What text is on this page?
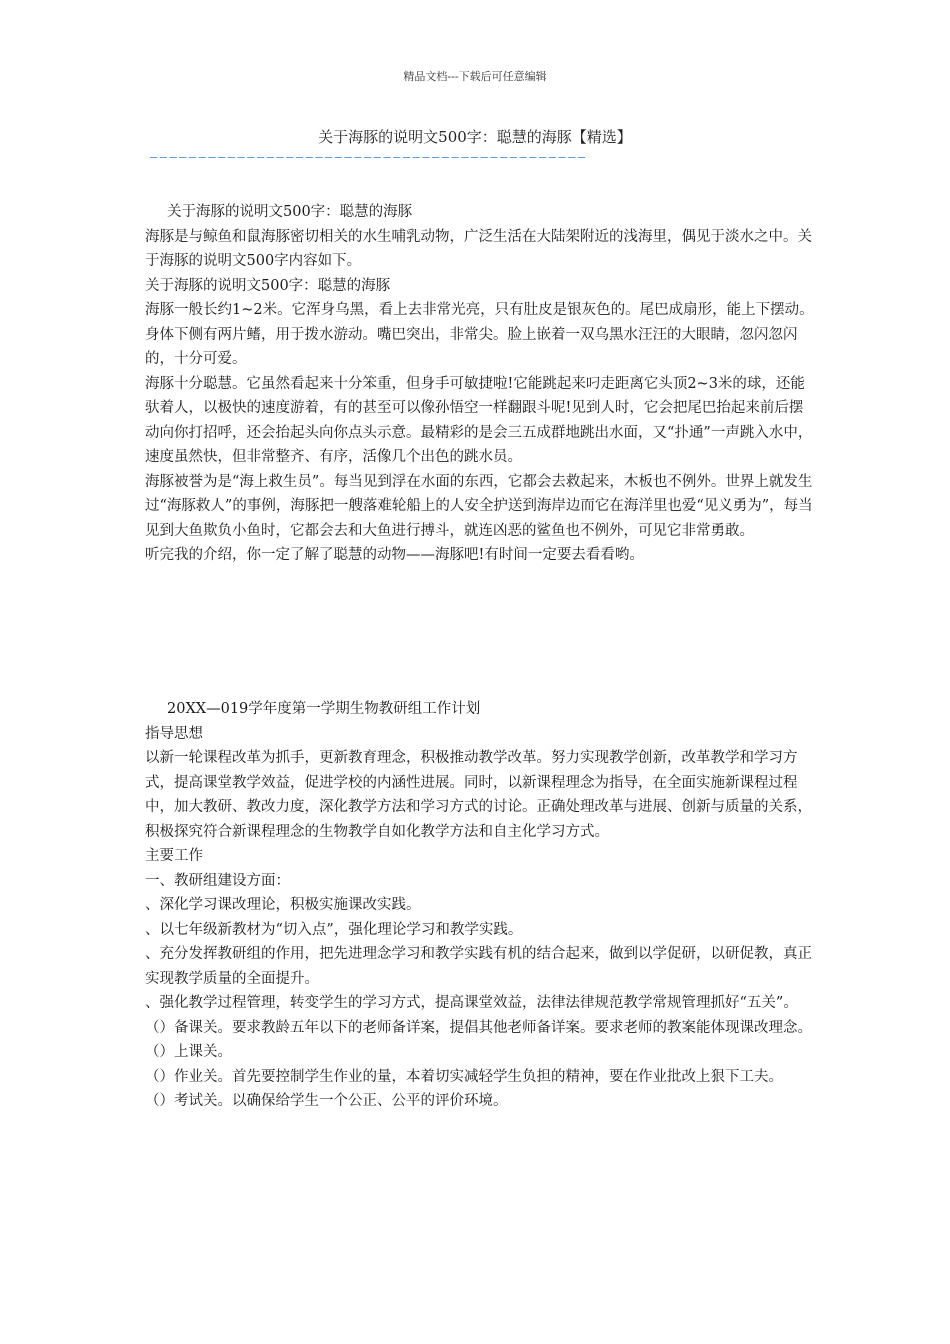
精品文档---下载后可任意编辑
关于海豚的说明文500字：聪慧的海豚【精选】
—————————————————————————————————————————————

关于海豚的说明文500字：聪慧的海豚

海豚是与鲸鱼和鼠海豚密切相关的水生哺乳动物，广泛生活在大陆架附近的浅海里，偶见于淡水之中。关于海豚的说明文500字内容如下。

关于海豚的说明文500字：聪慧的海豚

海豚一般长约1~2米。它浑身乌黑，看上去非常光亮，只有肚皮是银灰色的。尾巴成扇形，能上下摆动。身体下侧有两片鳍，用于拨水游动。嘴巴突出，非常尖。脸上嵌着一双乌黑水汪汪的大眼睛，忽闪忽闪的，十分可爱。

海豚十分聪慧。它虽然看起来十分笨重，但身手可敏捷啦!它能跳起来叼走距离它头顶2~3米的球，还能驮着人，以极快的速度游着，有的甚至可以像孙悟空一样翻跟斗呢!见到人时，它会把尾巴抬起来前后摆动向你打招呼，还会抬起头向你点头示意。最精彩的是会三五成群地跳出水面，又“扑通”一声跳入水中，速度虽然快，但非常整齐、有序，活像几个出色的跳水员。

海豚被誉为是“海上救生员”。每当见到浮在水面的东西，它都会去救起来，木板也不例外。世界上就发生过“海豚救人”的事例，海豚把一艘落难轮船上的人安全护送到海岸边而它在海洋里也爱“见义勇为”，每当见到大鱼欺负小鱼时，它都会去和大鱼进行搏斗，就连凶恶的鲨鱼也不例外，可见它非常勇敢。

听完我的介绍，你一定了解了聪慧的动物——海豚吧!有时间一定要去看看哟。

20XX—019学年度第一学期生物教研组工作计划

指导思想

以新一轮课程改革为抓手，更新教育理念，积极推动教学改革。努力实现教学创新，改革教学和学习方式，提高课堂教学效益，促进学校的内涵性进展。同时，以新课程理念为指导，在全面实施新课程过程中，加大教研、教改力度，深化教学方法和学习方式的讨论。正确处理改革与进展、创新与质量的关系，积极探究符合新课程理念的生物教学自如化教学方法和自主化学习方式。

主要工作

一、教研组建设方面：

、深化学习课改理论，积极实施课改实践。

、以七年级新教材为“切入点”，强化理论学习和教学实践。

、充分发挥教研组的作用，把先进理念学习和教学实践有机的结合起来，做到以学促研，以研促教，真正实现教学质量的全面提升。

、强化教学过程管理，转变学生的学习方式，提高课堂效益，法律法律规范教学常规管理抓好“五关”。

（）备课关。要求教龄五年以下的老师备详案，提倡其他老师备详案。要求老师的教案能体现课改理念。

（）上课关。

（）作业关。首先要控制学生作业的量，本着切实减轻学生负担的精神，要在作业批改上狠下工夫。

（）考试关。以确保给学生一个公正、公平的评价环境。
